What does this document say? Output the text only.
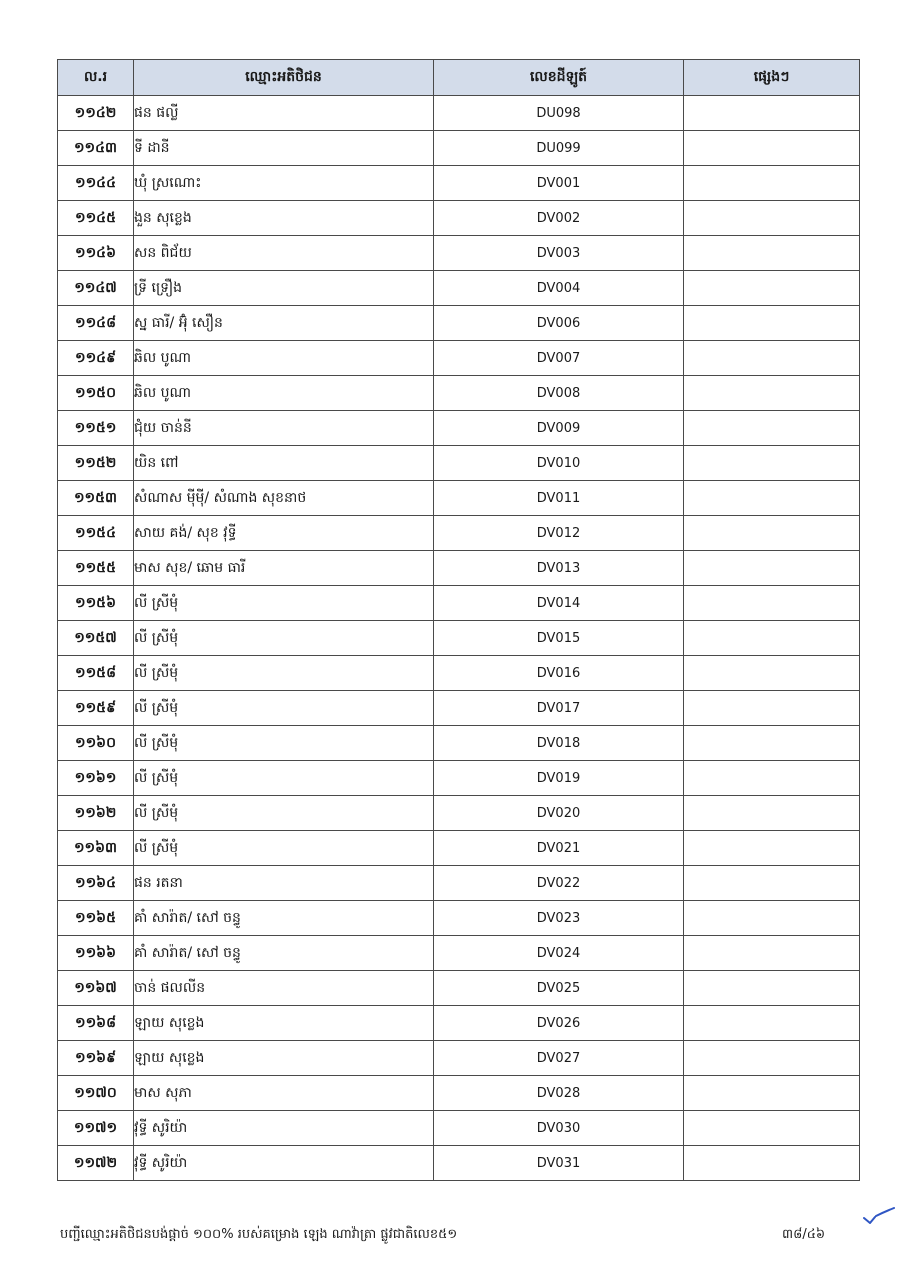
ល.រ	ឈ្មោះអតិថិជន	លេខដីឡូត៍	ផ្សេងៗ
១១៤២	ផន ផល្លី	DU098	
១១៤៣	ទី ដានី	DU099	
១១៤៤	ឃុំ ស្រណោះ	DV001	
១១៤៥	ងួន សុខ្លេង	DV002	
១១៤៦	សន ពិជ័យ	DV003	
១១៤៧	ទ្រី ទ្រឿង	DV004	
១១៤៨	ស្ន ធារី/ អ៊ុំ សឿន	DV006	
១១៤៩	ឆិល បូណា	DV007	
១១៥០	ឆិល បូណា	DV008	
១១៥១	ជុំយ ចាន់នី	DV009	
១១៥២	យិន ពៅ	DV010	
១១៥៣	សំណាស ម៉ីម៉ី/ សំណាង សុខនាថ	DV011	
១១៥៤	សាយ គង់/ សុខ វុទ្ធី	DV012	
១១៥៥	មាស សុខ/ ឆោម ធារី	DV013	
១១៥៦	លី ស្រីមុំ	DV014	
១១៥៧	លី ស្រីមុំ	DV015	
១១៥៨	លី ស្រីមុំ	DV016	
១១៥៩	លី ស្រីមុំ	DV017	
១១៦០	លី ស្រីមុំ	DV018	
១១៦១	លី ស្រីមុំ	DV019	
១១៦២	លី ស្រីមុំ	DV020	
១១៦៣	លី ស្រីមុំ	DV021	
១១៦៤	ផន រតនា	DV022	
១១៦៥	គាំ សារ៉ាត/ សៅ ចន្ធូ	DV023	
១១៦៦	គាំ សារ៉ាត/ សៅ ចន្ធូ	DV024	
១១៦៧	ចាន់ ផលលីន	DV025	
១១៦៨	ឡាយ សុខ្លេង	DV026	
១១៦៩	ឡាយ សុខ្លេង	DV027	
១១៧០	មាស សុភា	DV028	
១១៧១	វុទ្ធី សូរិយ៉ា	DV030	
១១៧២	វុទ្ធី សូរិយ៉ា	DV031	
បញ្ជីឈ្មោះអតិថិជនបង់ផ្តាច់ ១០០% របស់គម្រោង ឡេង ណាវ៉ាត្រា ផ្លូវជាតិលេខ៥១	៣៨/៤៦
